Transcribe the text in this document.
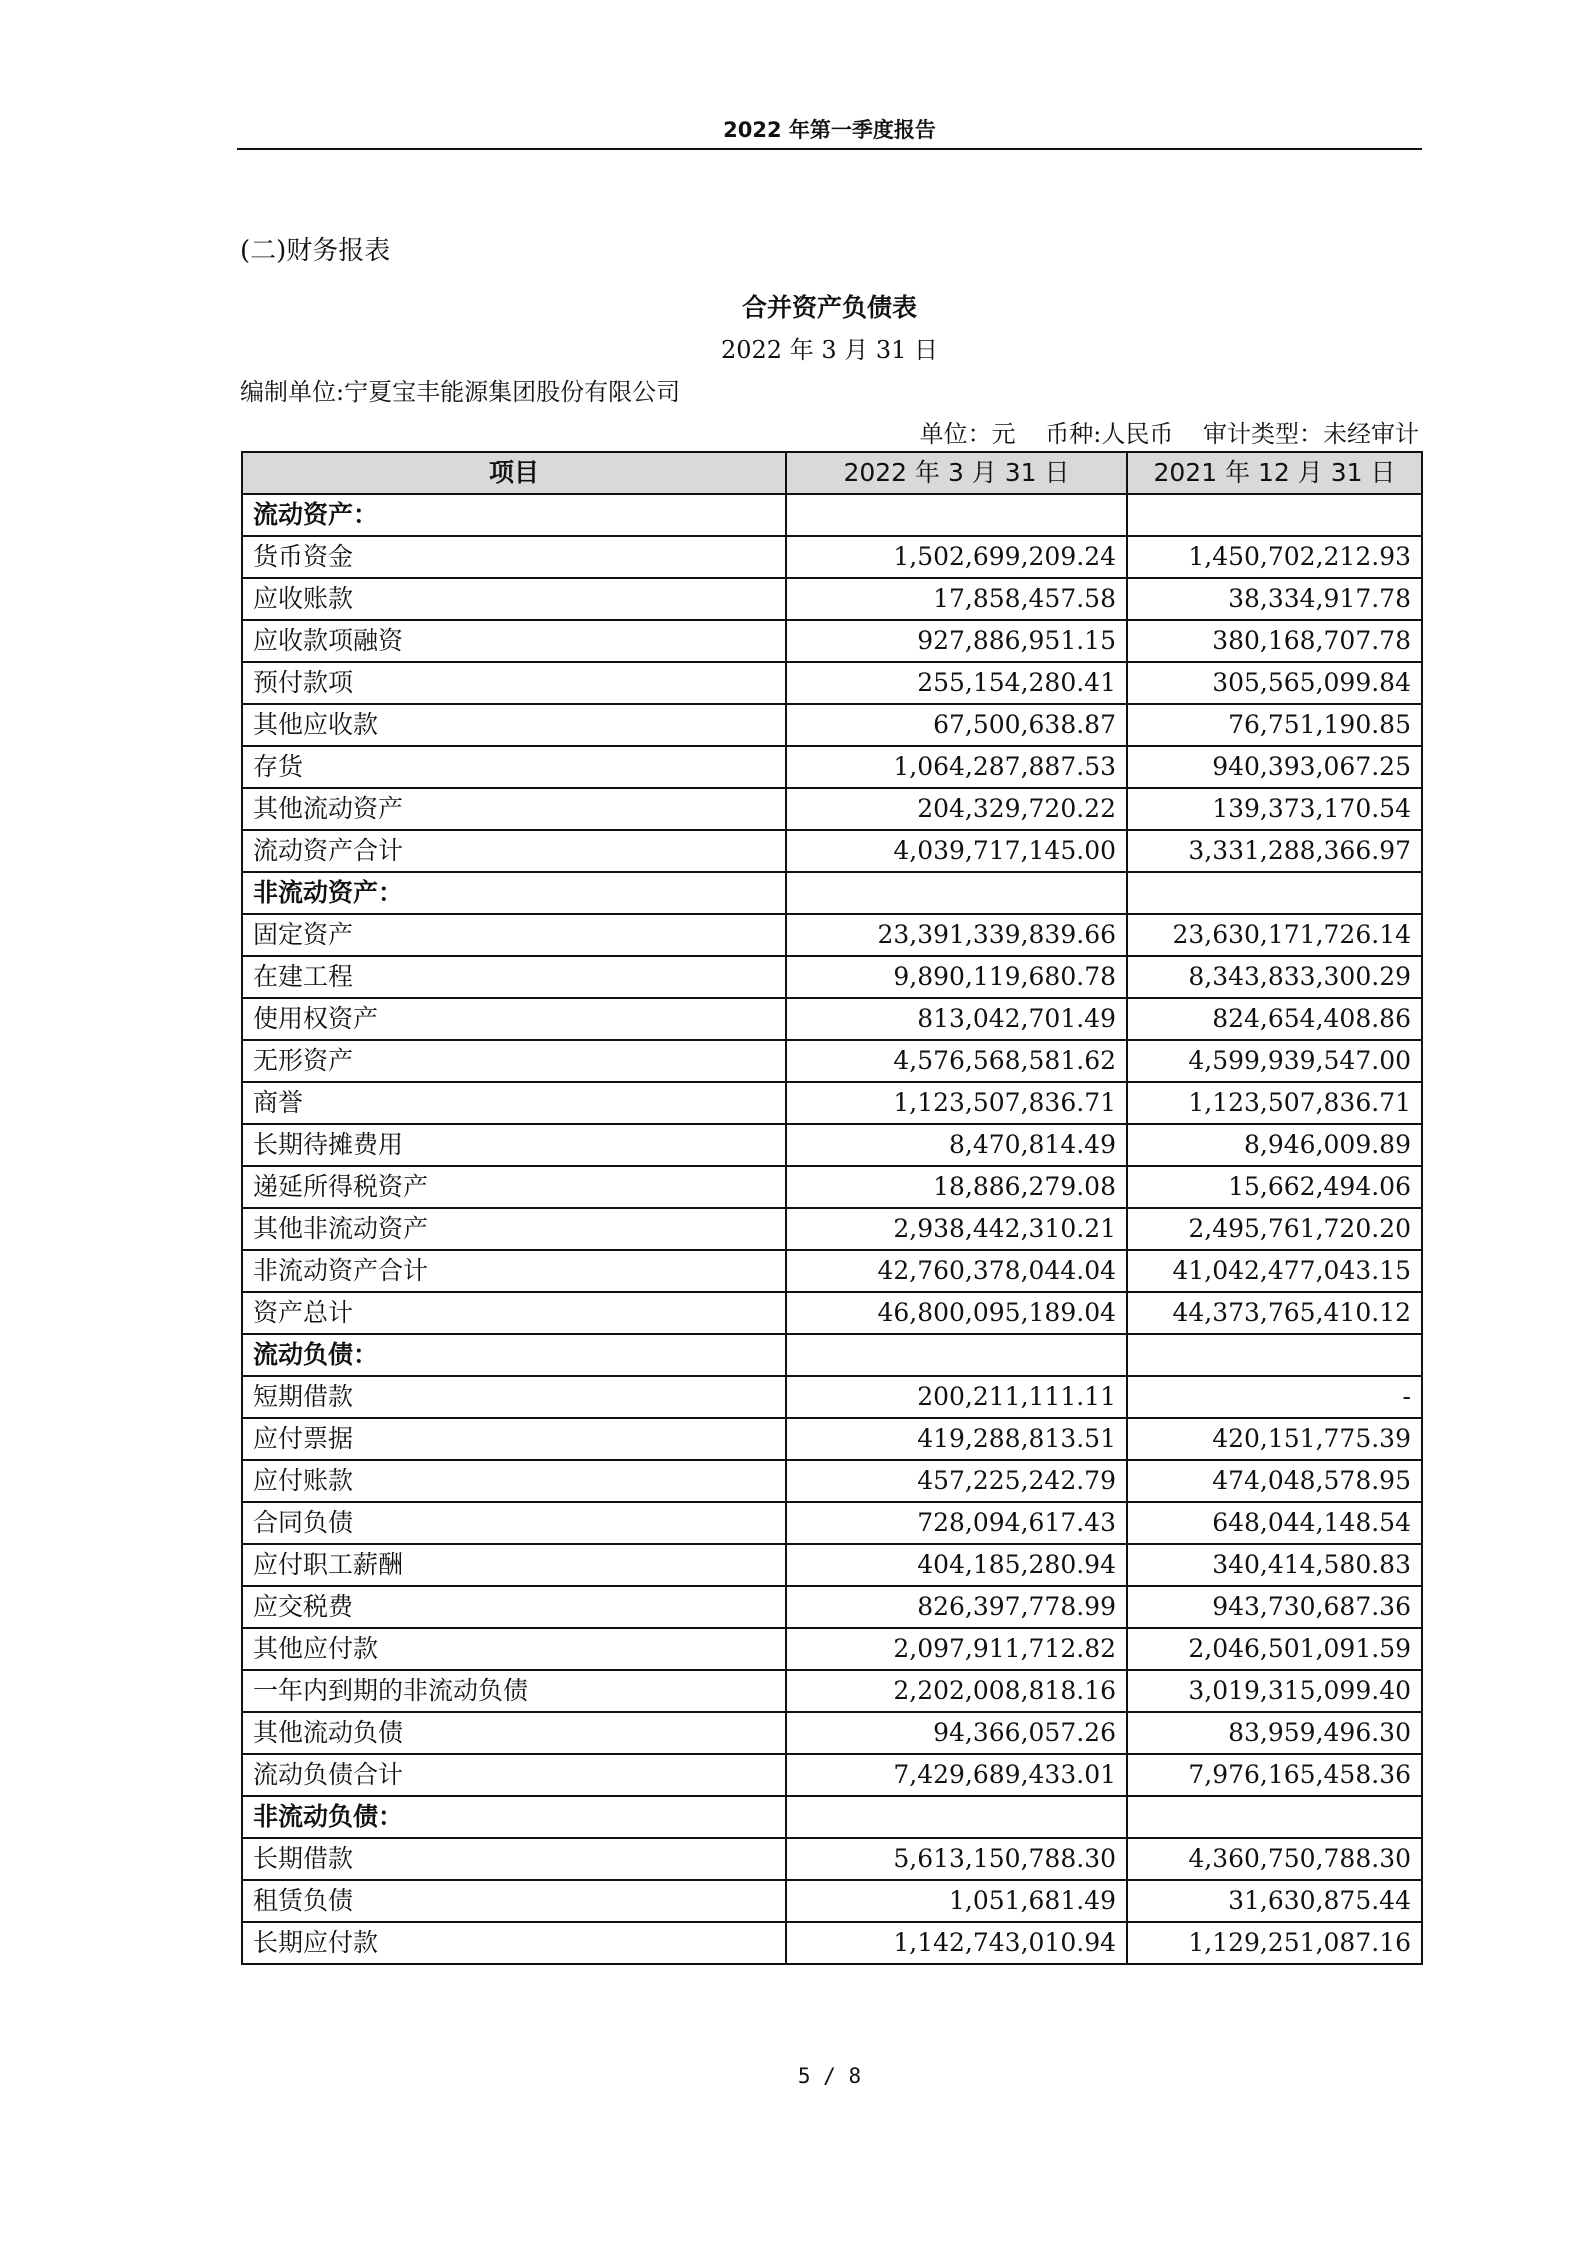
2022 年第一季度报告
(二)财务报表
合并资产负债表
2022 年 3 月 31 日
编制单位:宁夏宝丰能源集团股份有限公司
单位：元 币种:人民币 审计类型：未经审计
项目	2022 年 3 月 31 日	2021 年 12 月 31 日
流动资产：		
货币资金	1,502,699,209.24	1,450,702,212.93
应收账款	17,858,457.58	38,334,917.78
应收款项融资	927,886,951.15	380,168,707.78
预付款项	255,154,280.41	305,565,099.84
其他应收款	67,500,638.87	76,751,190.85
存货	1,064,287,887.53	940,393,067.25
其他流动资产	204,329,720.22	139,373,170.54
流动资产合计	4,039,717,145.00	3,331,288,366.97
非流动资产：		
固定资产	23,391,339,839.66	23,630,171,726.14
在建工程	9,890,119,680.78	8,343,833,300.29
使用权资产	813,042,701.49	824,654,408.86
无形资产	4,576,568,581.62	4,599,939,547.00
商誉	1,123,507,836.71	1,123,507,836.71
长期待摊费用	8,470,814.49	8,946,009.89
递延所得税资产	18,886,279.08	15,662,494.06
其他非流动资产	2,938,442,310.21	2,495,761,720.20
非流动资产合计	42,760,378,044.04	41,042,477,043.15
资产总计	46,800,095,189.04	44,373,765,410.12
流动负债：		
短期借款	200,211,111.11	-
应付票据	419,288,813.51	420,151,775.39
应付账款	457,225,242.79	474,048,578.95
合同负债	728,094,617.43	648,044,148.54
应付职工薪酬	404,185,280.94	340,414,580.83
应交税费	826,397,778.99	943,730,687.36
其他应付款	2,097,911,712.82	2,046,501,091.59
一年内到期的非流动负债	2,202,008,818.16	3,019,315,099.40
其他流动负债	94,366,057.26	83,959,496.30
流动负债合计	7,429,689,433.01	7,976,165,458.36
非流动负债：		
长期借款	5,613,150,788.30	4,360,750,788.30
租赁负债	1,051,681.49	31,630,875.44
长期应付款	1,142,743,010.94	1,129,251,087.16
5 / 8
